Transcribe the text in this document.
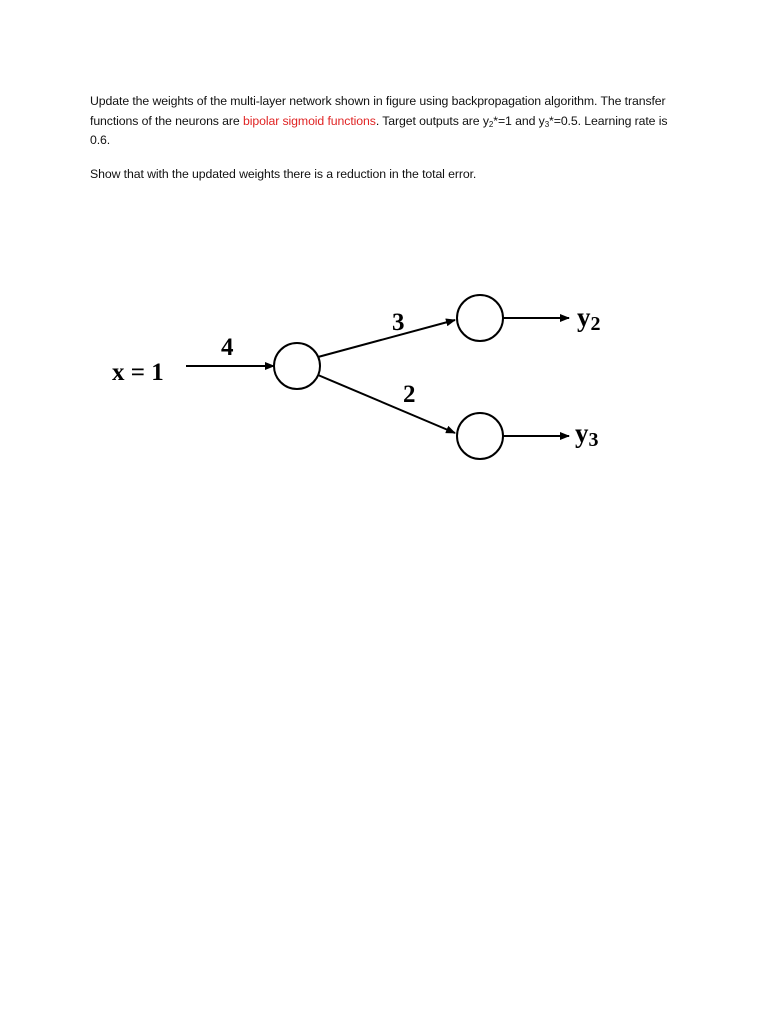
Update the weights of the multi-layer network shown in figure using backpropagation algorithm. The transfer functions of the neurons are bipolar sigmoid functions. Target outputs are $y_2*=1$ and $y_3*=0.5$. Learning rate is 0.6.

Show that with the updated weights there is a reduction in the total error.

x = 1
4
3
2
y2
y3
